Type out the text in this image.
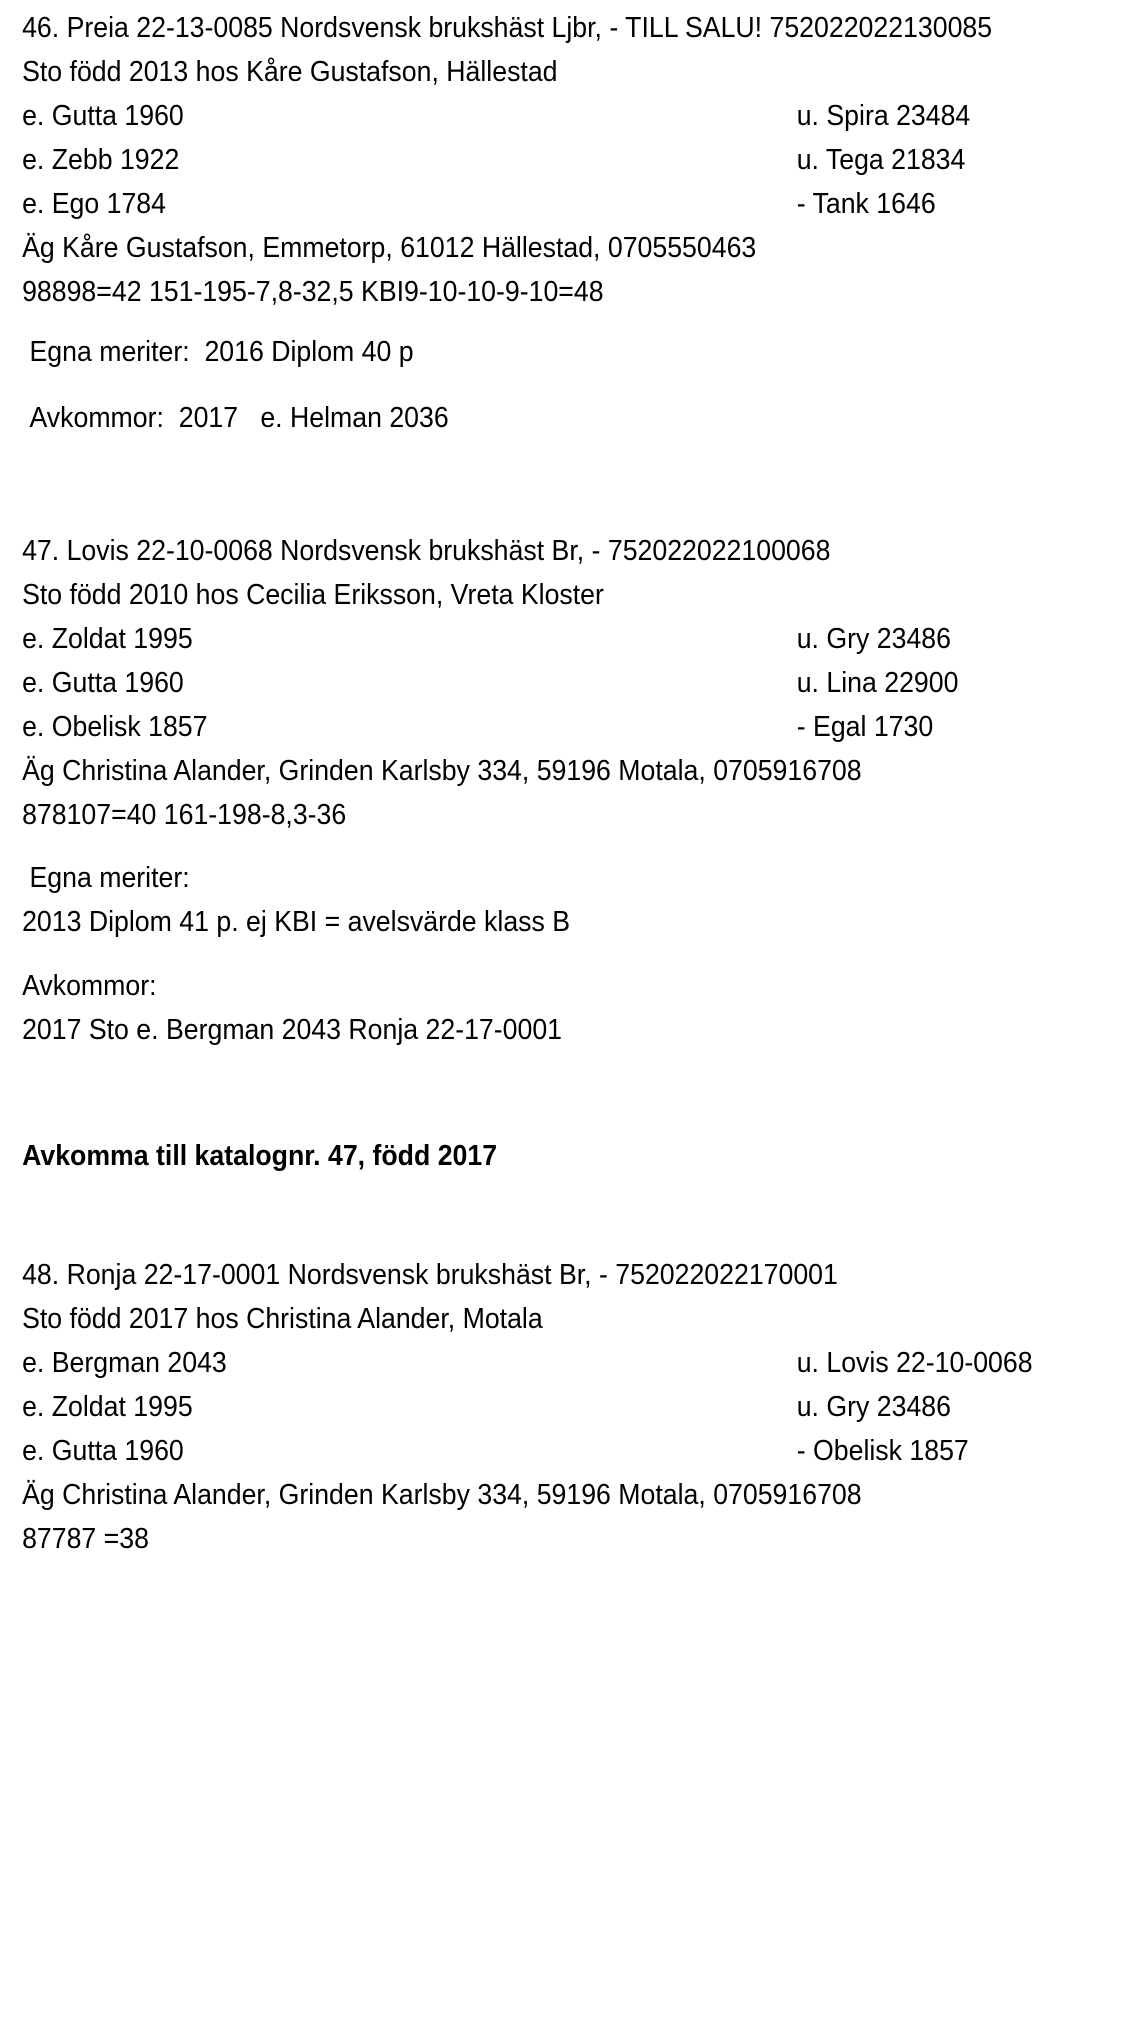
46. Preia 22-13-0085 Nordsvensk brukshäst Ljbr, - TILL SALU! 752022022130085
Sto född 2013 hos Kåre Gustafson, Hällestad
e. Gutta 1960	u. Spira 23484
e. Zebb 1922	u. Tega 21834
e. Ego 1784	- Tank 1646
Äg Kåre Gustafson, Emmetorp, 61012 Hällestad, 0705550463
98898=42 151-195-7,8-32,5 KBI9-10-10-9-10=48
Egna meriter:  2016 Diplom 40 p
Avkommor:  2017   e. Helman 2036
47. Lovis 22-10-0068 Nordsvensk brukshäst Br, - 752022022100068
Sto född 2010 hos Cecilia Eriksson, Vreta Kloster
e. Zoldat 1995	u. Gry 23486
e. Gutta 1960	u. Lina 22900
e. Obelisk 1857	- Egal 1730
Äg Christina Alander, Grinden Karlsby 334, 59196 Motala, 0705916708
878107=40 161-198-8,3-36
Egna meriter:
2013 Diplom 41 p. ej KBI = avelsvärde klass B
Avkommor:
2017 Sto e. Bergman 2043 Ronja 22-17-0001
Avkomma till katalognr. 47, född 2017
48. Ronja 22-17-0001 Nordsvensk brukshäst Br, - 752022022170001
Sto född 2017 hos Christina Alander, Motala
e. Bergman 2043	u. Lovis 22-10-0068
e. Zoldat 1995	u. Gry 23486
e. Gutta 1960	- Obelisk 1857
Äg Christina Alander, Grinden Karlsby 334, 59196 Motala, 0705916708
87787 =38
